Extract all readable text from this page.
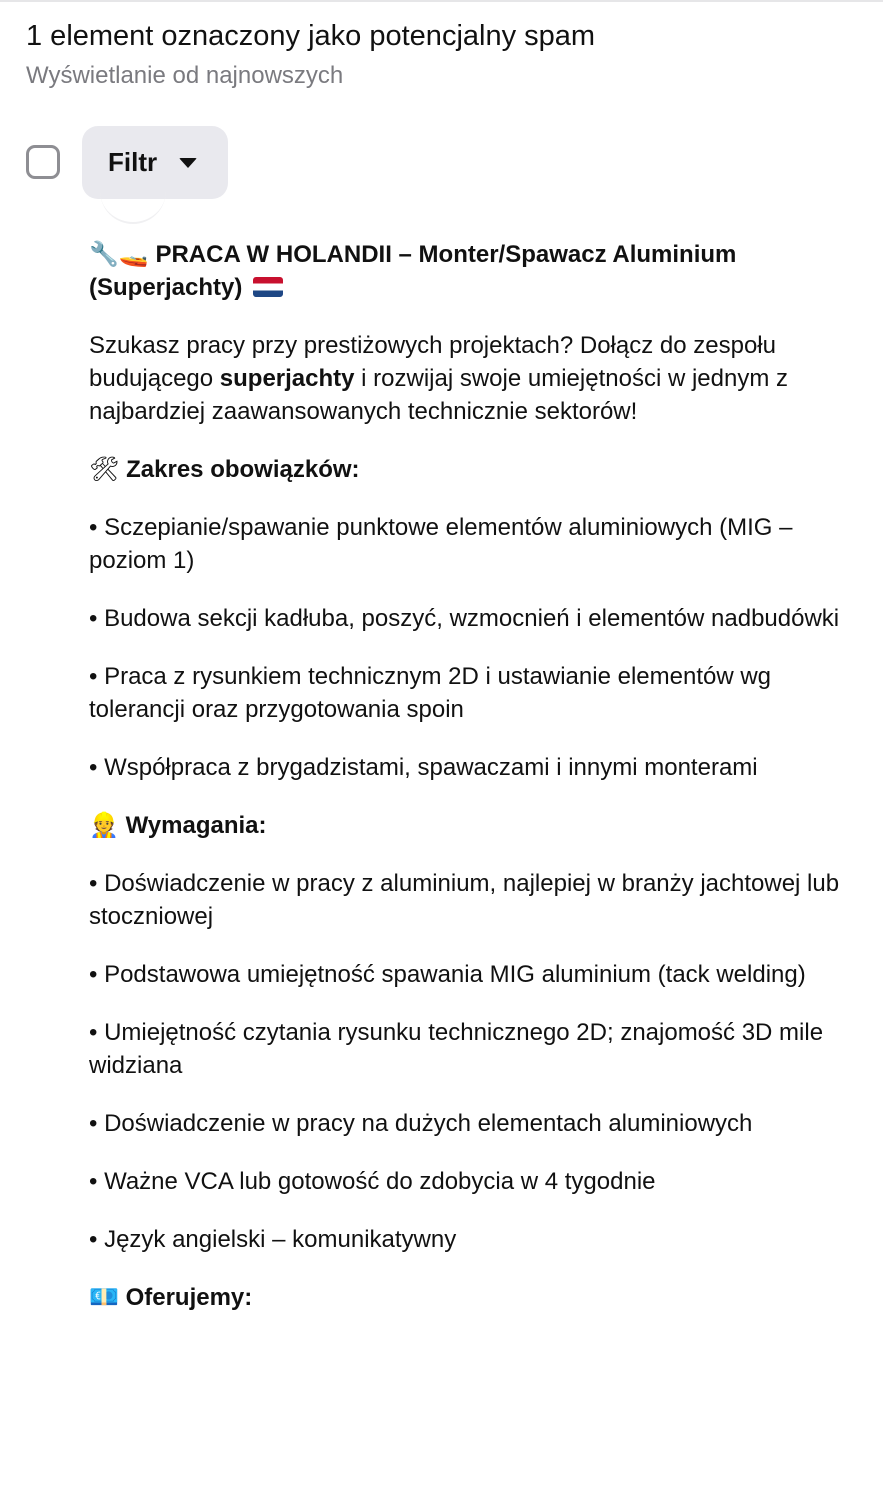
1 element oznaczony jako potencjalny spam
Wyświetlanie od najnowszych
Filtr

🔧🚤 PRACA W HOLANDII – Monter/Spawacz Aluminium (Superjachty)

Szukasz pracy przy prestiżowych projektach? Dołącz do zespołu budującego superjachty i rozwijaj swoje umiejętności w jednym z najbardziej zaawansowanych technicznie sektorów!

🛠 Zakres obowiązków:

• Sczepianie/spawanie punktowe elementów aluminiowych (MIG – poziom 1)

• Budowa sekcji kadłuba, poszyć, wzmocnień i elementów nadbudówki

• Praca z rysunkiem technicznym 2D i ustawianie elementów wg tolerancji oraz przygotowania spoin

• Współpraca z brygadzistami, spawaczami i innymi monterami

👷 Wymagania:

• Doświadczenie w pracy z aluminium, najlepiej w branży jachtowej lub stoczniowej

• Podstawowa umiejętność spawania MIG aluminium (tack welding)

• Umiejętność czytania rysunku technicznego 2D; znajomość 3D mile widziana

• Doświadczenie w pracy na dużych elementach aluminiowych

• Ważne VCA lub gotowość do zdobycia w 4 tygodnie

• Język angielski – komunikatywny

💶 Oferujemy:
